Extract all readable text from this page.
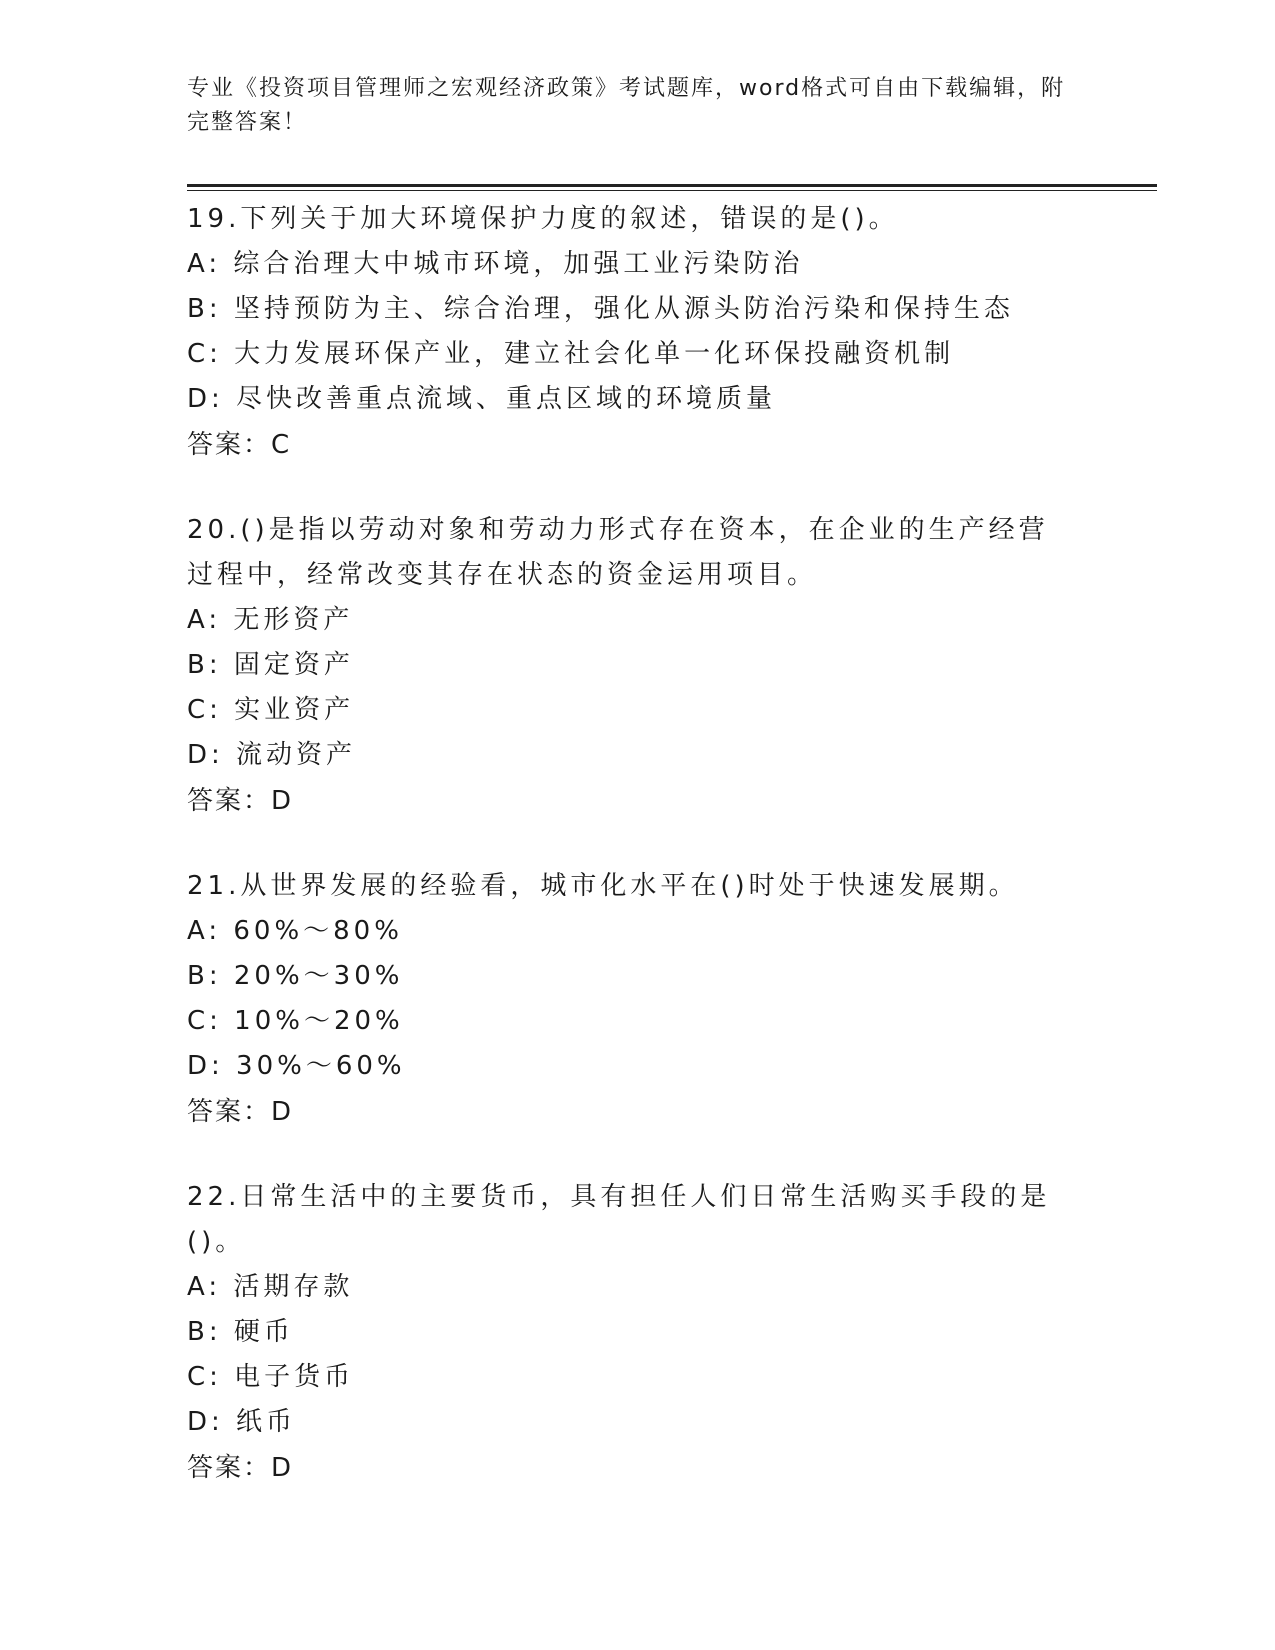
专业《投资项目管理师之宏观经济政策》考试题库，word格式可自由下载编辑，附完整答案！
19.下列关于加大环境保护力度的叙述，错误的是()。
A: 综合治理大中城市环境，加强工业污染防治
B: 坚持预防为主、综合治理，强化从源头防治污染和保持生态
C: 大力发展环保产业，建立社会化单一化环保投融资机制
D: 尽快改善重点流域、重点区域的环境质量
答案：C
20.()是指以劳动对象和劳动力形式存在资本，在企业的生产经营过程中，经常改变其存在状态的资金运用项目。
A: 无形资产
B: 固定资产
C: 实业资产
D: 流动资产
答案：D
21.从世界发展的经验看，城市化水平在()时处于快速发展期。
A: 60%～80%
B: 20%～30%
C: 10%～20%
D: 30%～60%
答案：D
22.日常生活中的主要货币，具有担任人们日常生活购买手段的是()。
A: 活期存款
B: 硬币
C: 电子货币
D: 纸币
答案：D
